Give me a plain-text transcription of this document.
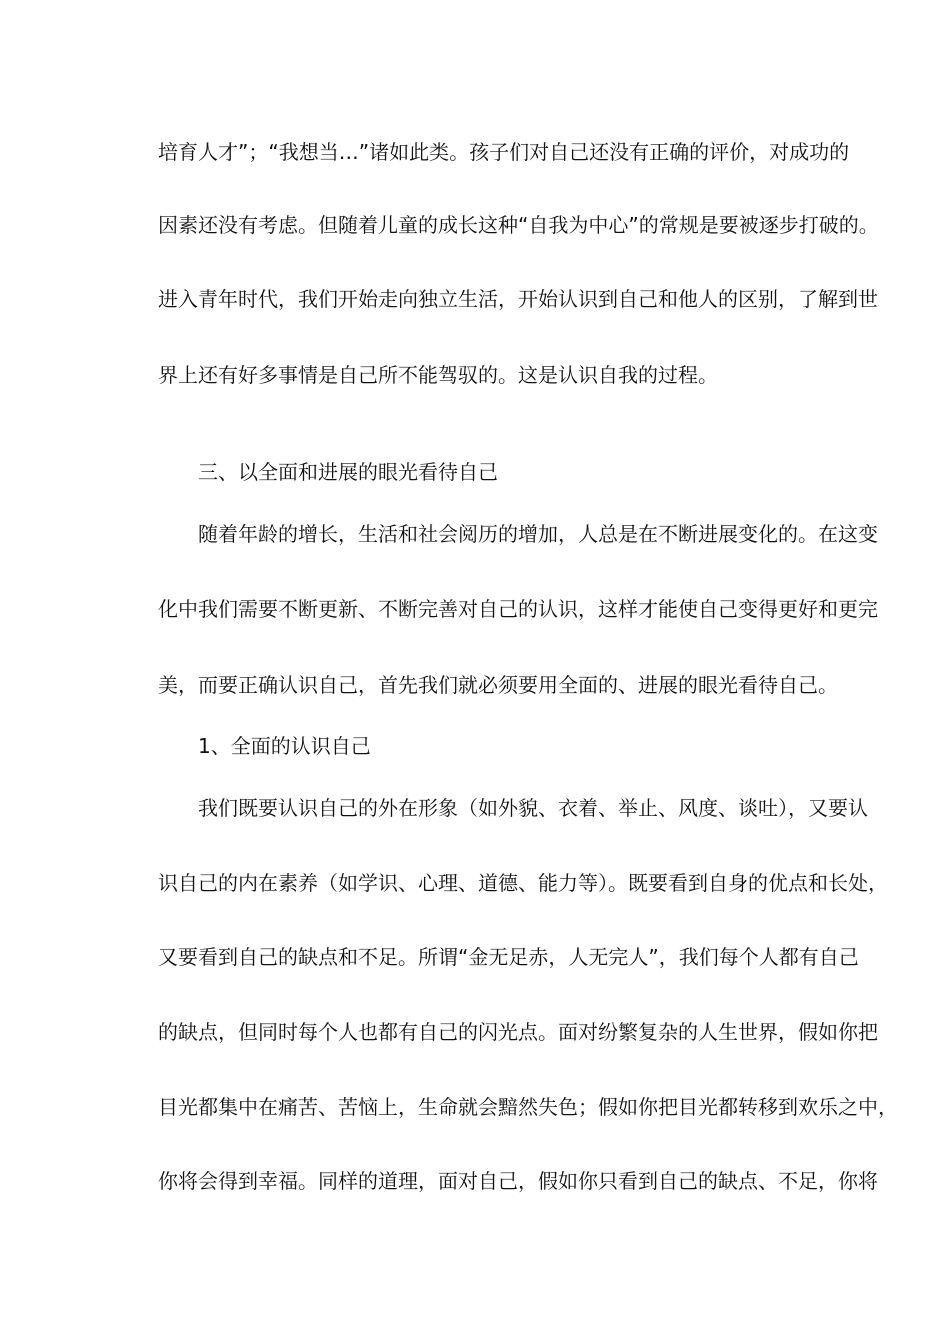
培育人才”；“我想当…”诸如此类。孩子们对自己还没有正确的评价，对成功的
因素还没有考虑。但随着儿童的成长这种“自我为中心”的常规是要被逐步打破的。
进入青年时代，我们开始走向独立生活，开始认识到自己和他人的区别，了解到世
界上还有好多事情是自己所不能驾驭的。这是认识自我的过程。
三、以全面和进展的眼光看待自己
随着年龄的增长，生活和社会阅历的增加，人总是在不断进展变化的。在这变
化中我们需要不断更新、不断完善对自己的认识，这样才能使自己变得更好和更完
美，而要正确认识自己，首先我们就必须要用全面的、进展的眼光看待自己。
1、全面的认识自己
我们既要认识自己的外在形象（如外貌、衣着、举止、风度、谈吐），又要认
识自己的内在素养（如学识、心理、道德、能力等）。既要看到自身的优点和长处，
又要看到自己的缺点和不足。所谓“金无足赤，人无完人”，我们每个人都有自己
的缺点，但同时每个人也都有自己的闪光点。面对纷繁复杂的人生世界，假如你把
目光都集中在痛苦、苦恼上，生命就会黯然失色；假如你把目光都转移到欢乐之中，
你将会得到幸福。同样的道理，面对自己，假如你只看到自己的缺点、不足，你将
